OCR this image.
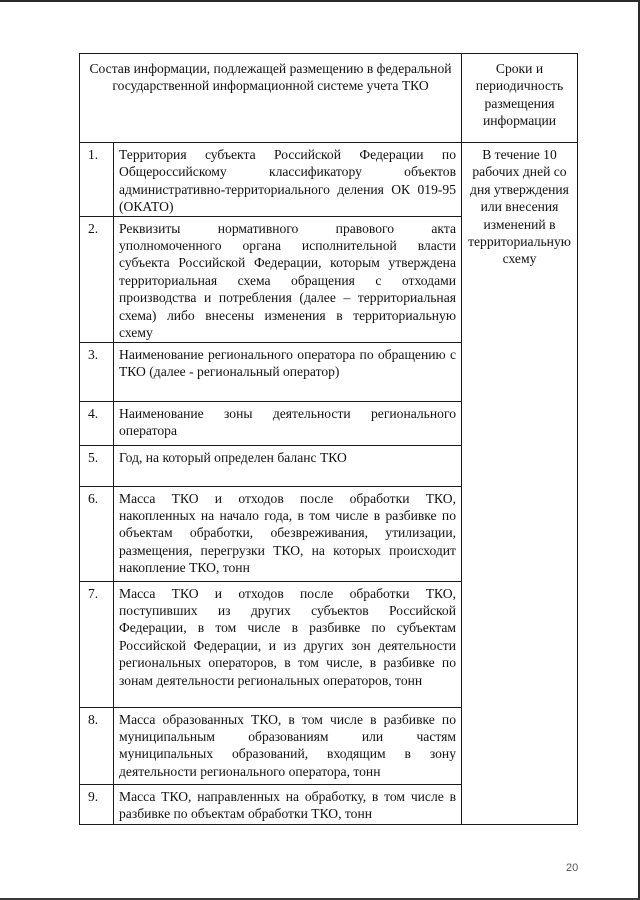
Состав информации, подлежащей размещению в федеральной государственной информационной системе учета ТКО		Сроки и периодичность размещения информации
1.	Территория субъекта Российской Федерации по Общероссийскому классификатору объектов административно-территориального деления ОК 019-95 (ОКАТО)	В течение 10 рабочих дней со дня утверждения или внесения изменений в территориальную схему
2.	Реквизиты нормативного правового акта уполномоченного органа исполнительной власти субъекта Российской Федерации, которым утверждена территориальная схема обращения с отходами производства и потребления (далее – территориальная схема) либо внесены изменения в территориальную схему	
3.	Наименование регионального оператора по обращению с ТКО (далее - региональный оператор)	
4.	Наименование зоны деятельности регионального оператора	
5.	Год, на который определен баланс ТКО	
6.	Масса ТКО и отходов после обработки ТКО, накопленных на начало года, в том числе в разбивке по объектам обработки, обезвреживания, утилизации, размещения, перегрузки ТКО, на которых происходит накопление ТКО, тонн	
7.	Масса ТКО и отходов после обработки ТКО, поступивших из других субъектов Российской Федерации, в том числе в разбивке по субъектам Российской Федерации, и из других зон деятельности региональных операторов, в том числе, в разбивке по зонам деятельности региональных операторов, тонн	
8.	Масса образованных ТКО, в том числе в разбивке по муниципальным образованиям или частям муниципальных образований, входящим в зону деятельности регионального оператора, тонн	
9.	Масса ТКО, направленных на обработку, в том числе в разбивке по объектам обработки ТКО, тонн	
20
